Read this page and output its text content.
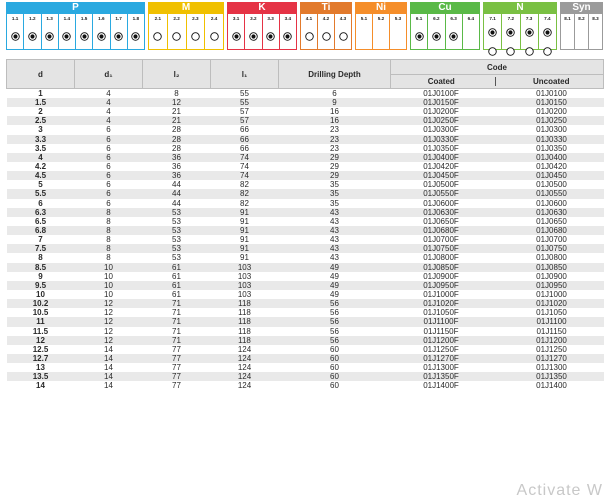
P
1.1	1.2	1.3	1.4	1.5	1.6	1.7	1.8
M
2.1	2.2	2.3	2.4
K
3.1	3.2	3.3	3.4
Ti
4.1	4.2	4.3
Ni
5.1	5.2	5.3
Cu
6.1	6.2	6.3	6.4
N
7.1	7.2	7.3	7.4
Syn
8.1	8.2	8.3
d	d₁	l₂	l₁	Drilling Depth	Code		
					Coated		Uncoated
1	4	8	55	6	01J0100F		01J0100
1.5	4	12	55	9	01J0150F		01J0150
2	4	21	57	16	01J0200F		01J0200
2.5	4	21	57	16	01J0250F		01J0250
3	6	28	66	23	01J0300F		01J0300
3.3	6	28	66	23	01J0330F		01J0330
3.5	6	28	66	23	01J0350F		01J0350
4	6	36	74	29	01J0400F		01J0400
4.2	6	36	74	29	01J0420F		01J0420
4.5	6	36	74	29	01J0450F		01J0450
5	6	44	82	35	01J0500F		01J0500
5.5	6	44	82	35	01J0550F		01J0550
6	6	44	82	35	01J0600F		01J0600
6.3	8	53	91	43	01J0630F		01J0630
6.5	8	53	91	43	01J0650F		01J0650
6.8	8	53	91	43	01J0680F		01J0680
7	8	53	91	43	01J0700F		01J0700
7.5	8	53	91	43	01J0750F		01J0750
8	8	53	91	43	01J0800F		01J0800
8.5	10	61	103	49	01J0850F		01J0850
9	10	61	103	49	01J0900F		01J0900
9.5	10	61	103	49	01J0950F		01J0950
10	10	61	103	49	01J1000F		01J1000
10.2	12	71	118	56	01J1020F		01J1020
10.5	12	71	118	56	01J1050F		01J1050
11	12	71	118	56	01J1100F		01J1100
11.5	12	71	118	56	01J1150F		01J1150
12	12	71	118	56	01J1200F		01J1200
12.5	14	77	124	60	01J1250F		01J1250
12.7	14	77	124	60	01J1270F		01J1270
13	14	77	124	60	01J1300F		01J1300
13.5	14	77	124	60	01J1350F		01J1350
14	14	77	124	60	01J1400F		01J1400
Activate W
